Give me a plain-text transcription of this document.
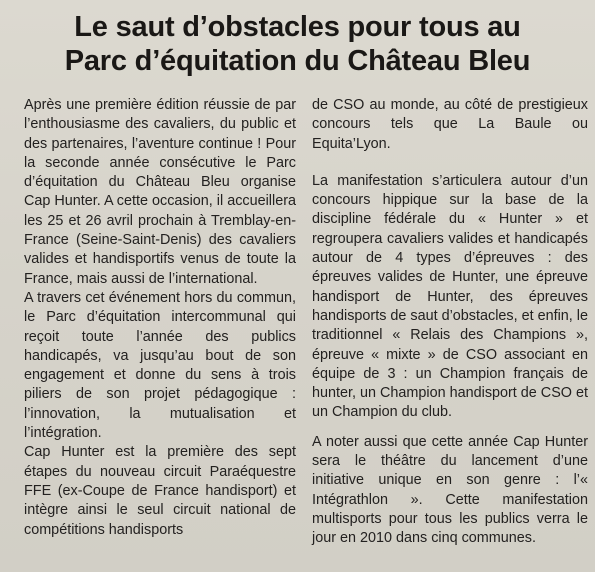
Le saut d’obstacles pour tous au
Parc d’équitation du Château Bleu

Après une première édition réussie de par l’enthousiasme des cavaliers, du public et des partenaires, l’aventure continue ! Pour la seconde année consécutive le Parc d’équitation du Château Bleu organise Cap Hunter. A cette occasion, il accueillera les 25 et 26 avril prochain à Tremblay-en-France (Seine-Saint-Denis) des cavaliers valides et handisportifs venus de toute la France, mais aussi de l’international.

A travers cet événement hors du commun, le Parc d’équitation intercommunal qui reçoit toute l’année des publics handicapés, va jusqu’au bout de son engagement et donne du sens à trois piliers de son projet pédagogique : l’innovation, la mutualisation et l’intégration.

Cap Hunter est la première des sept étapes du nouveau circuit Paraéquestre FFE (ex-Coupe de France handisport) et intègre ainsi le seul circuit national de compétitions handisports

de CSO au monde, au côté de prestigieux concours tels que La Baule ou Equita’Lyon.

La manifestation s’articulera autour d’un concours hippique sur la base de la discipline fédérale du « Hunter » et regroupera cavaliers valides et handicapés autour de 4 types d’épreuves : des épreuves valides de Hunter, une épreuve handisport de Hunter, des épreuves handisports de saut d’obstacles, et enfin, le traditionnel « Relais des Champions », épreuve « mixte » de CSO associant en équipe de 3 : un Champion français de hunter, un Champion handisport de CSO et un Champion du club.

A noter aussi que cette année Cap Hunter sera le théâtre du lancement d’une initiative unique en son genre : l’« Intégrathlon ». Cette manifestation multisports pour tous les publics verra le jour en 2010 dans cinq communes.
